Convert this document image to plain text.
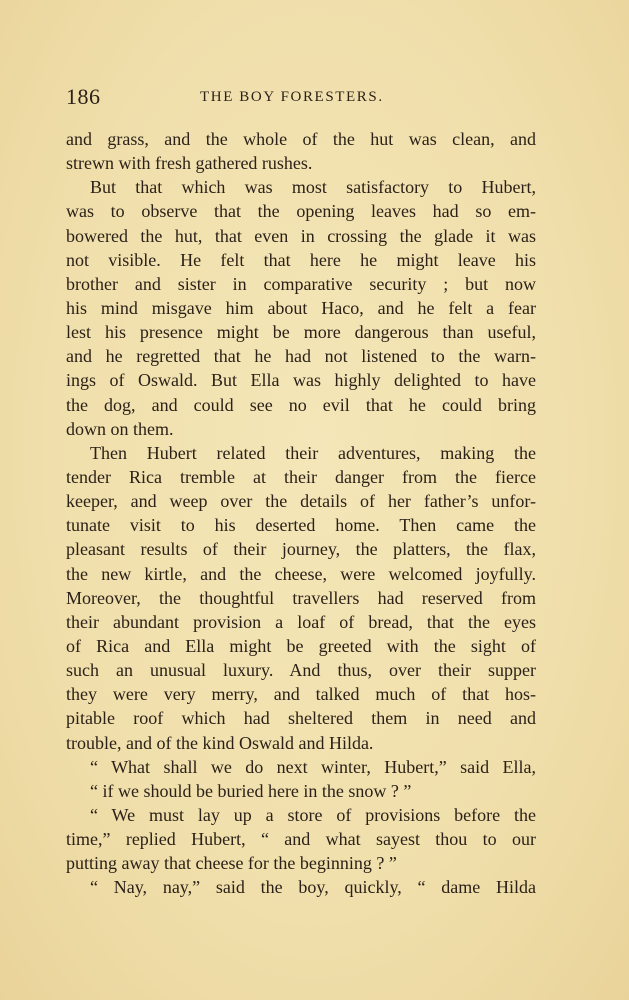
186	THE BOY FORESTERS.
and grass, and the whole of the hut was clean, and
strewn with fresh gathered rushes.
But that which was most satisfactory to Hubert,
was to observe that the opening leaves had so em-
bowered the hut, that even in crossing the glade it was
not visible. He felt that here he might leave his
brother and sister in comparative security ; but now
his mind misgave him about Haco, and he felt a fear
lest his presence might be more dangerous than useful,
and he regretted that he had not listened to the warn-
ings of Oswald. But Ella was highly delighted to have
the dog, and could see no evil that he could bring
down on them.
Then Hubert related their adventures, making the
tender Rica tremble at their danger from the fierce
keeper, and weep over the details of her father’s unfor-
tunate visit to his deserted home. Then came the
pleasant results of their journey, the platters, the flax,
the new kirtle, and the cheese, were welcomed joyfully.
Moreover, the thoughtful travellers had reserved from
their abundant provision a loaf of bread, that the eyes
of Rica and Ella might be greeted with the sight of
such an unusual luxury. And thus, over their supper
they were very merry, and talked much of that hos-
pitable roof which had sheltered them in need and
trouble, and of the kind Oswald and Hilda.
“ What shall we do next winter, Hubert,” said Ella,
“ if we should be buried here in the snow ? ”
“ We must lay up a store of provisions before the
time,” replied Hubert, “ and what sayest thou to our
putting away that cheese for the beginning ? ”
“ Nay, nay,” said the boy, quickly, “ dame Hilda
